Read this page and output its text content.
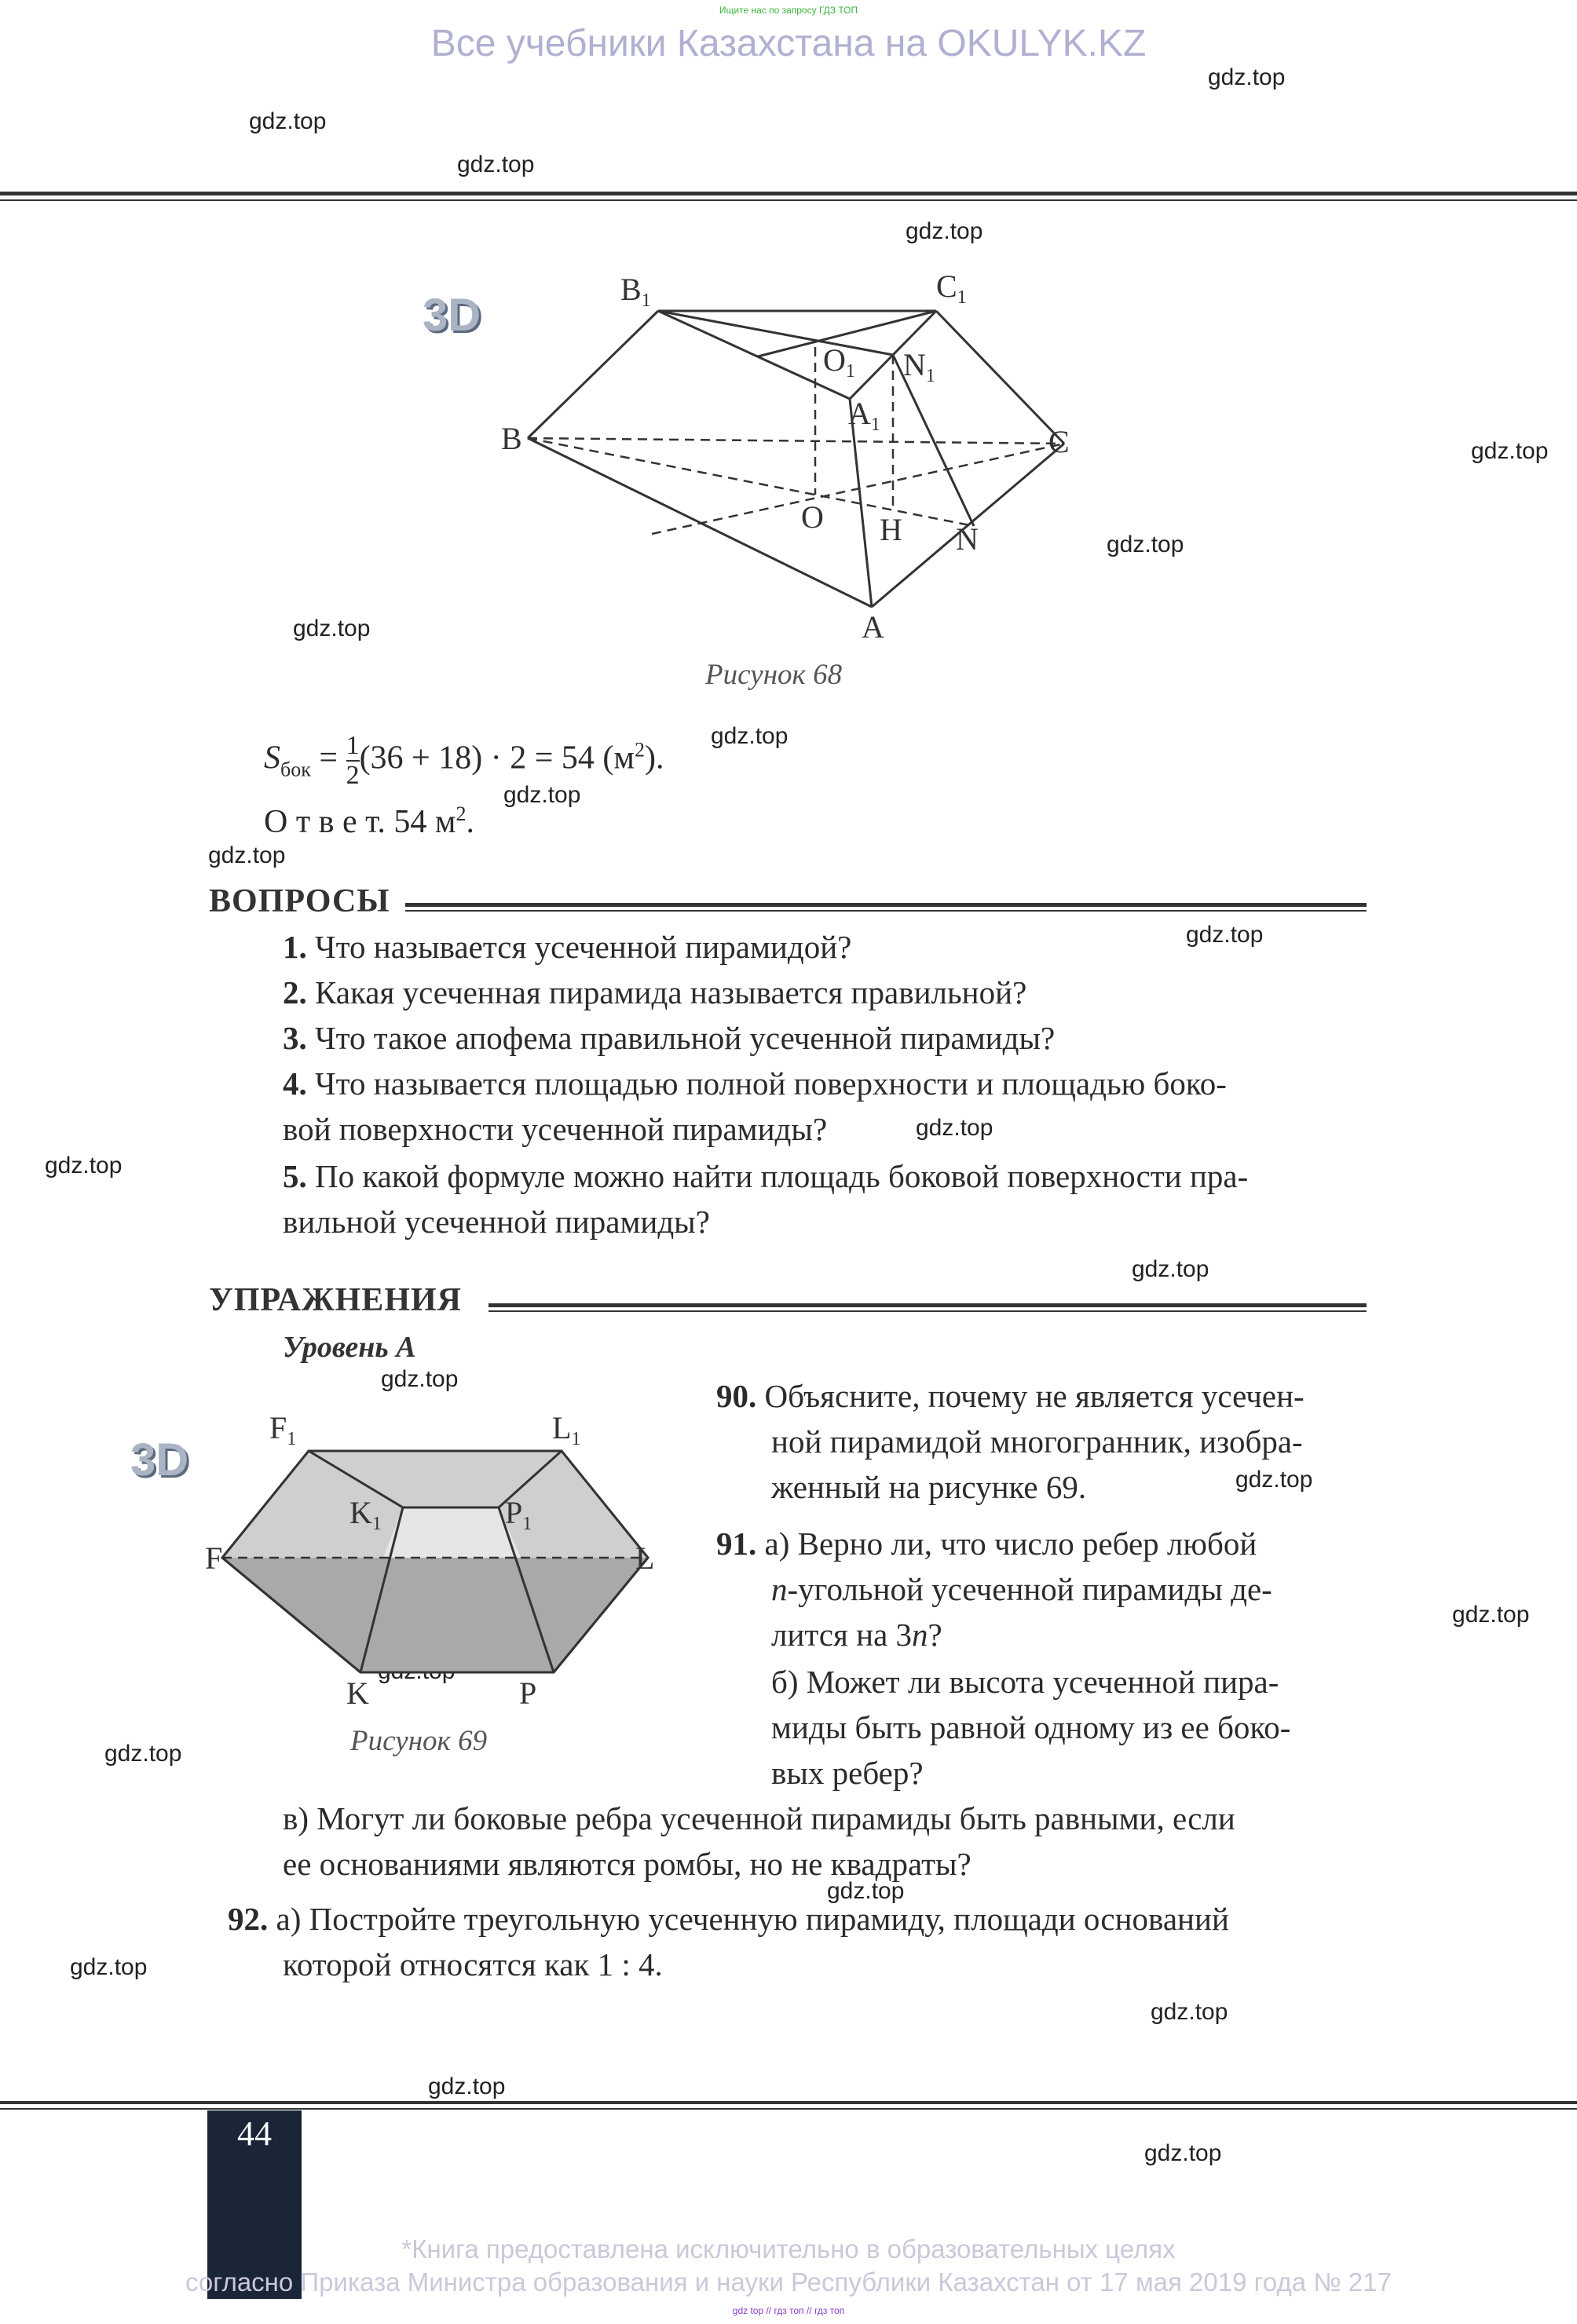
Ищите нас по запросу ГДЗ ТОП
Все учебники Казахстана на OKULYK.KZ
gdz.top
gdz.top
gdz.top
gdz.top
gdz.top
gdz.top
gdz.top
gdz.top
gdz.top
gdz.top
gdz.top
gdz.top
gdz.top
gdz.top
gdz.top
gdz.top
gdz.top
gdz.top
gdz.top
gdz.top
gdz.top
gdz.top
gdz.top
3D
$B_1$	$C_1$
$O_1$ $N_1$
$A_1$
B	C
O H N
A
Рисунок 68
$S_{бок} = \frac{1}{2} (36 + 18) \cdot 2 = 54$ $(м^2)$.
О т в е т. 54 $м^2$.
ВОПРОСЫ
1. Что называется усеченной пирамидой?
2. Какая усеченная пирамида называется правильной?
3. Что такое апофема правильной усеченной пирамиды?
4. Что называется площадью полной поверхности и площадью боко-
вой поверхности усеченной пирамиды?
5. По какой формуле можно найти площадь боковой поверхности пра-
вильной усеченной пирамиды?
УПРАЖНЕНИЯ
Уровень А
3D
$F_1$	$L_1$
$K_1$	$P_1$
F	L
K	P
Рисунок 69
90. Объясните, почему не является усечен-
ной пирамидой многогранник, изобра-
женный на рисунке 69.
91. а) Верно ли, что число ребер любой
n-угольной усеченной пирамиды де-
лится на 3n?
б) Может ли высота усеченной пира-
миды быть равной одному из ее боко-
вых ребер?
в) Могут ли боковые ребра усеченной пирамиды быть равными, если
ее основаниями являются ромбы, но не квадраты?
92. а) Постройте треугольную усеченную пирамиду, площади оснований
которой относятся как 1 : 4.
44
*Книга предоставлена исключительно в образовательных целях
согласно Приказа Министра образования и науки Республики Казахстан от 17 мая 2019 года № 217
gdz top // гдз топ // гдз топ
